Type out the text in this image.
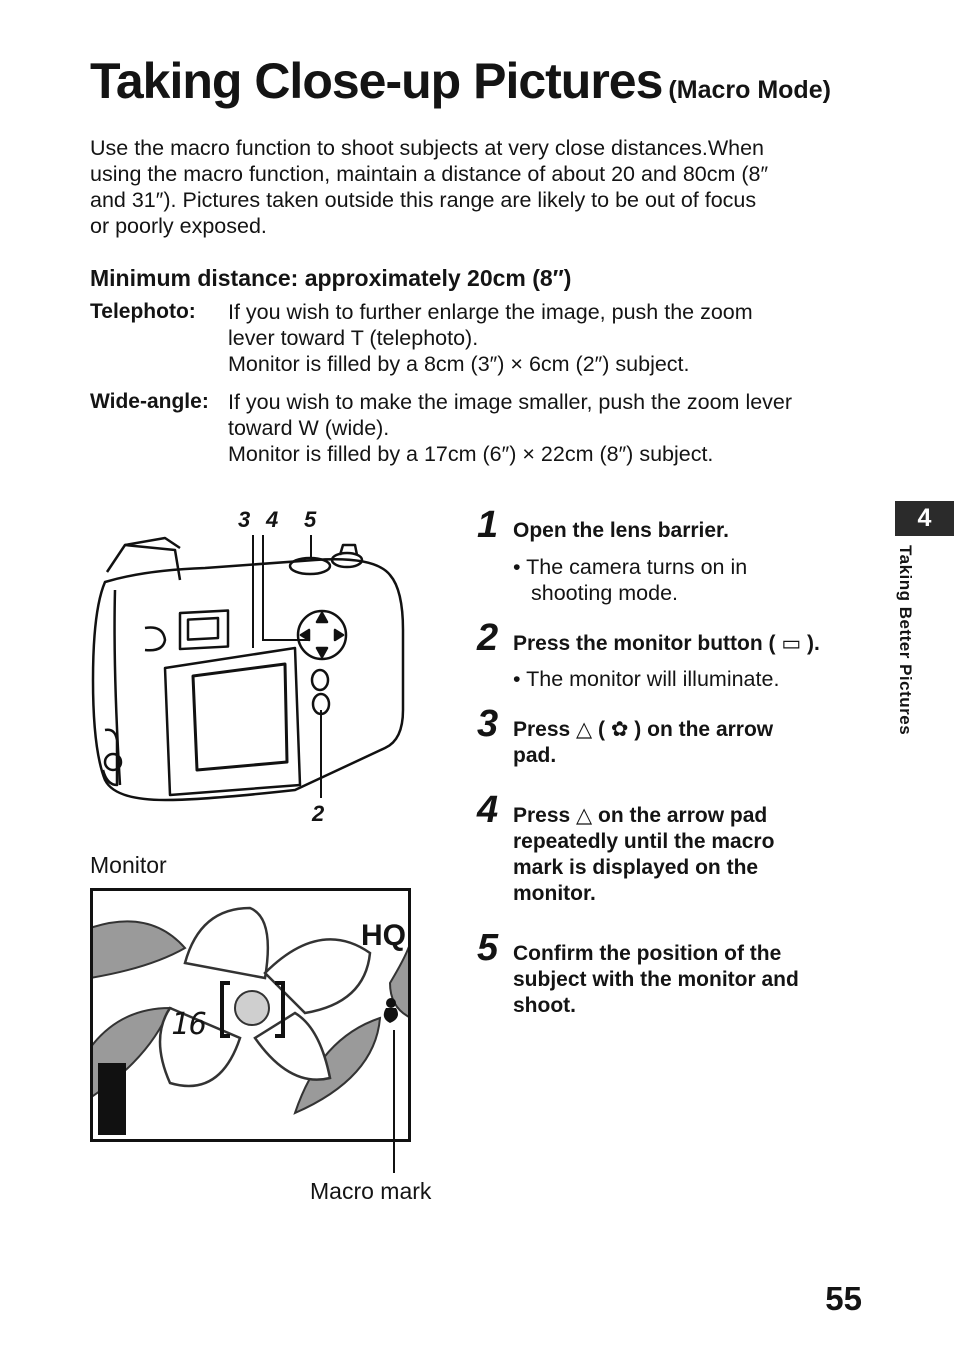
Taking Close-up Pictures (Macro Mode)
Use the macro function to shoot subjects at very close distances.When
using the macro function, maintain a distance of about 20 and 80cm (8″
and 31″). Pictures taken outside this range are likely to be out of focus
or poorly exposed.
Minimum distance: approximately 20cm (8″)
Telephoto: If you wish to further enlarge the image, push the zoom
lever toward T (telephoto).
Monitor is filled by a 8cm (3″) × 6cm (2″) subject.
Wide-angle: If you wish to make the image smaller, push the zoom lever
toward W (wide).
Monitor is filled by a 17cm (6″) × 22cm (8″) subject.
3 4 5
2
Monitor
HQ
16
Macro mark
1 Open the lens barrier.
• The camera turns on in
shooting mode.
2 Press the monitor button ( ▭ ).
• The monitor will illuminate.
3 Press △ ( ✿ ) on the arrow
pad.
4 Press △ on the arrow pad
repeatedly until the macro
mark is displayed on the
monitor.
5 Confirm the position of the
subject with the monitor and
shoot.
4
Taking Better Pictures
55
